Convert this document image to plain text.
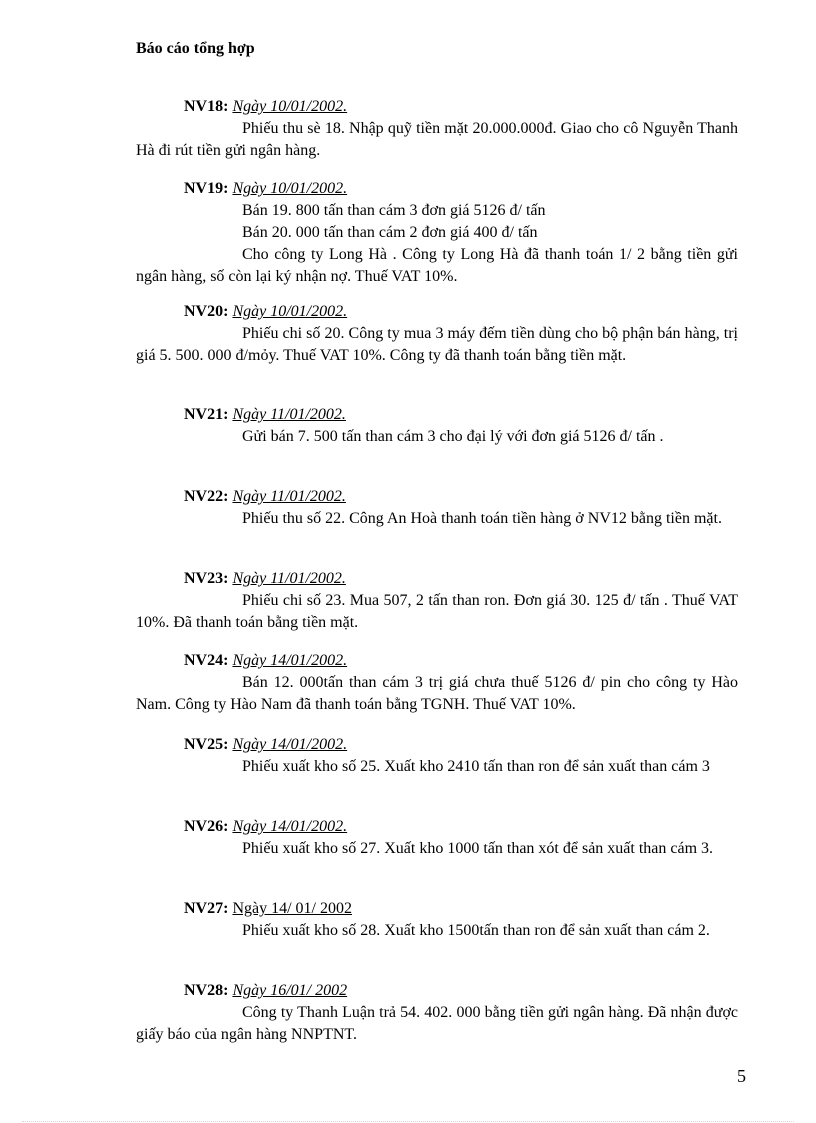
Báo cáo tổng hợp
NV18: Ngày 10/01/2002.

Phiếu thu sè 18. Nhập quỹ tiền mặt 20.000.000đ. Giao cho cô Nguyễn Thanh Hà đi rút tiền gửi ngân hàng.

NV19: Ngày 10/01/2002.

Bán 19. 800 tấn than cám 3 đơn giá 5126 đ/ tấn

Bán 20. 000 tấn than cám 2 đơn giá 400 đ/ tấn

Cho công ty Long Hà . Công ty Long Hà đã thanh toán 1/ 2 bằng tiền gửi ngân hàng, số còn lại ký nhận nợ. Thuế VAT 10%.

NV20: Ngày 10/01/2002.

Phiếu chi số 20. Công ty mua 3 máy đếm tiền dùng cho bộ phận bán hàng, trị giá 5. 500. 000 đ/mỏy. Thuế VAT 10%. Công ty đã thanh toán bằng tiền mặt.

NV21: Ngày 11/01/2002.

Gửi bán 7. 500 tấn than cám 3 cho đại lý với đơn giá 5126 đ/ tấn .

NV22: Ngày 11/01/2002.

Phiếu thu số 22. Công An Hoà thanh toán tiền hàng ở NV12 bằng tiền mặt.

NV23: Ngày 11/01/2002.

Phiếu chi số 23. Mua 507, 2 tấn than ron. Đơn giá 30. 125 đ/ tấn . Thuế VAT 10%. Đã thanh toán bằng tiền mặt.

NV24: Ngày 14/01/2002.

Bán 12. 000tấn than cám 3 trị giá chưa thuế 5126 đ/ pin cho công ty Hào Nam. Công ty Hào Nam đã thanh toán bằng TGNH. Thuế VAT 10%.

NV25: Ngày 14/01/2002.

Phiếu xuất kho số 25. Xuất kho 2410 tấn than ron để sản xuất than cám 3

NV26: Ngày 14/01/2002.

Phiếu xuất kho số 27. Xuất kho 1000 tấn than xót để sản xuất than cám 3.

NV27: Ngày 14/ 01/ 2002

Phiếu xuất kho số 28. Xuất kho 1500tấn than ron để sản xuất than cám 2.

NV28: Ngày 16/01/ 2002

Công ty Thanh Luận trả 54. 402. 000 bằng tiền gửi ngân hàng. Đã nhận được giấy báo của ngân hàng NNPTNT.

5
